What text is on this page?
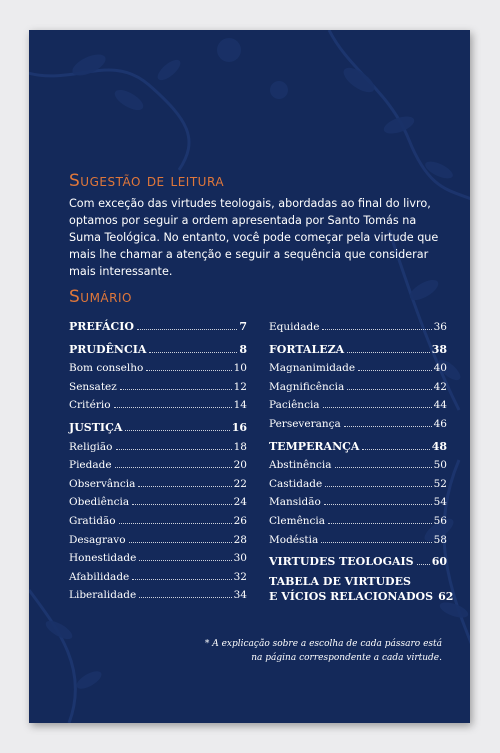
Sugestão de leitura
Com exceção das virtudes teologais, abordadas ao final do livro, optamos por seguir a ordem apresentada por Santo Tomás na Suma Teológica. No entanto, você pode começar pela virtude que mais lhe chamar a atenção e seguir a sequência que considerar mais interessante.
Sumário
PREFÁCIO	7
PRUDÊNCIA	8
Bom conselho	10
Sensatez	12
Critério	14
JUSTIÇA	16
Religião	18
Piedade	20
Observância	22
Obediência	24
Gratidão	26
Desagravo	28
Honestidade	30
Afabilidade	32
Liberalidade	34
Equidade	36
FORTALEZA	38
Magnanimidade	40
Magnificência	42
Paciência	44
Perseverança	46
TEMPERANÇA	48
Abstinência	50
Castidade	52
Mansidão	54
Clemência	56
Modéstia	58
VIRTUDES TEOLOGAIS 60
TABELA DE VIRTUDES
E VÍCIOS RELACIONADOS 62
* A explicação sobre a escolha de cada pássaro está
na página correspondente a cada virtude.
